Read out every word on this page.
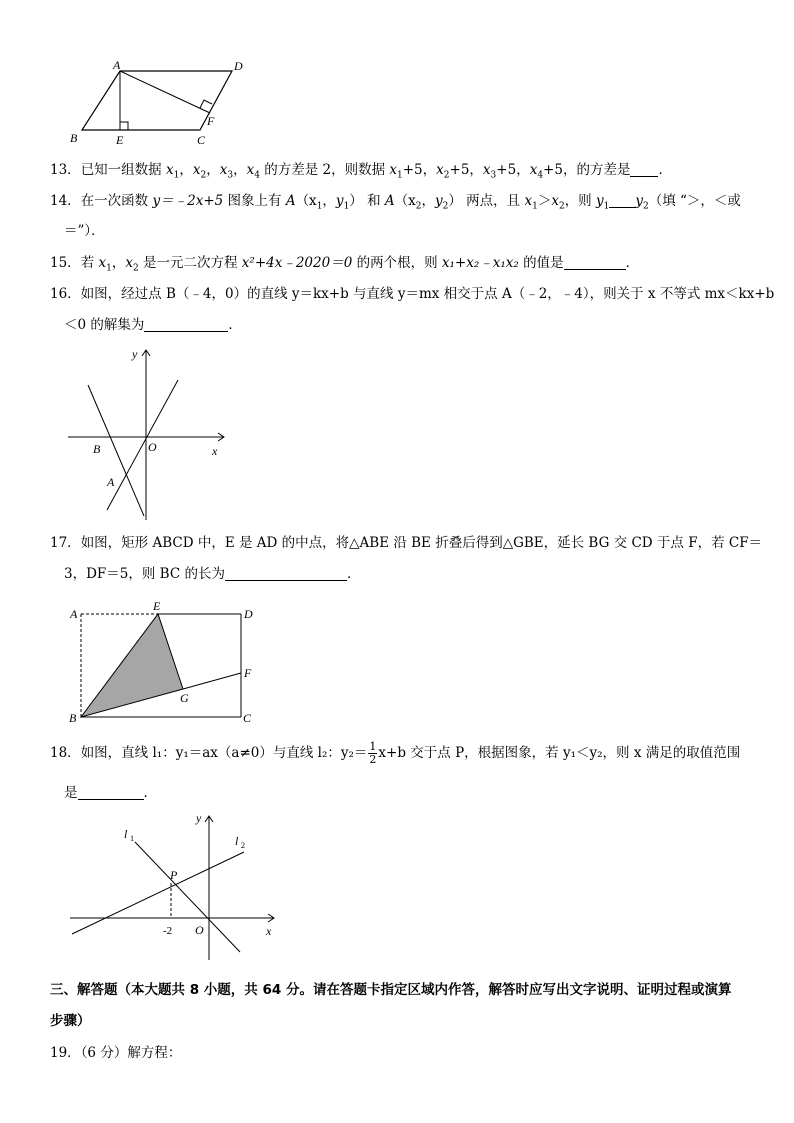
A	D
B	E	C
F
13．已知一组数据 $x_1$，$x_2$，$x_3$，$x_4$ 的方差是 2，则数据 $x_1+5$，$x_2+5$，$x_3+5$，$x_4+5$，的方差是 ．
14．在一次函数 y＝﹣2x+5 图象上有 $A(x_1$，$y_1$） 和 $A(x_2$，$y_2$） 两点，且 $x_1>x_2$，则 $y_1$ $y_2$（填 “＞，＜或
＝”）．
15．若 $x_1$，$x_2$ 是一元二次方程 x²+4x﹣2020＝0 的两个根，则 x₁+x₂﹣x₁x₂ 的值是	．
16．如图，经过点 B（﹣4，0）的直线 y＝kx+b 与直线 y＝mx 相交于点 A（﹣2，﹣4），则关于 x 不等式 mx＜kx+b
＜0 的解集为	．
y
x
B	O
A
17．如图，矩形 ABCD 中，E 是 AD 的中点，将△ABE 沿 BE 折叠后得到△GBE，延长 BG 交 CD 于点 F，若 CF＝
3，DF＝5，则 BC 的长为	．
A
E
D
F
G
B	C
18．如图，直线 l₁：y₁＝ax（a≠0）与直线 l₂：$y_2= \frac{1}{2} x+b$ 交于点 P，根据图象，若 y₁＜y₂，则 x 满足的取值范围
是	．
y
x
l 1	l 2
P
O
-2
三、解答题（本大题共 8 小题，共 64 分。请在答题卡指定区域内作答，解答时应写出文字说明、证明过程或演算
步骤）
19．（6 分）解方程：
